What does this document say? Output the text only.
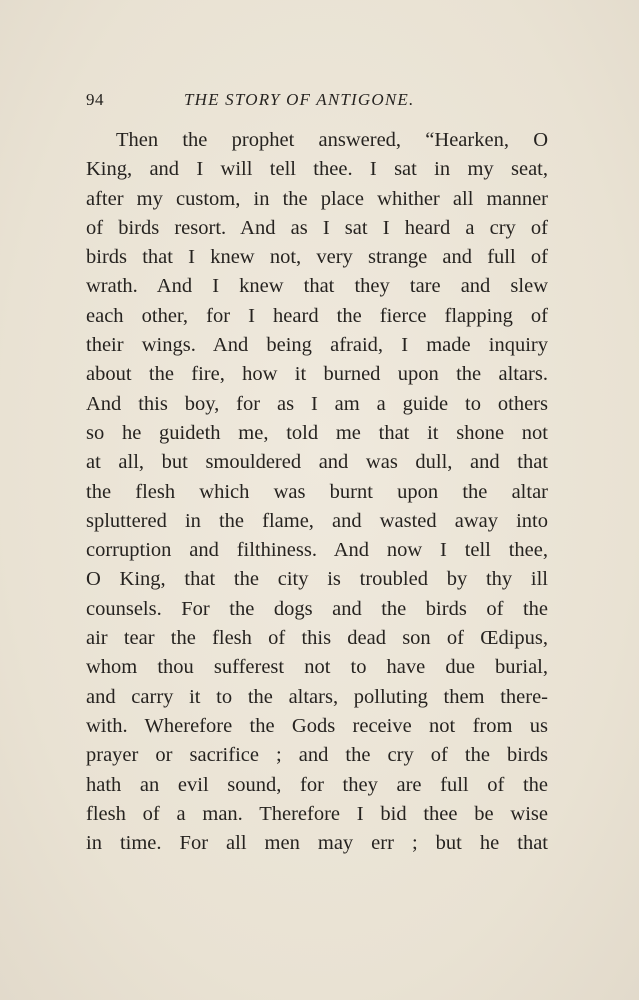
94	THE STORY OF ANTIGONE.
Then the prophet answered, “Hearken, O
King, and I will tell thee. I sat in my seat,
after my custom, in the place whither all manner
of birds resort. And as I sat I heard a cry of
birds that I knew not, very strange and full of
wrath. And I knew that they tare and slew
each other, for I heard the fierce flapping of
their wings. And being afraid, I made inquiry
about the fire, how it burned upon the altars.
And this boy, for as I am a guide to others
so he guideth me, told me that it shone not
at all, but smouldered and was dull, and that
the flesh which was burnt upon the altar
spluttered in the flame, and wasted away into
corruption and filthiness. And now I tell thee,
O King, that the city is troubled by thy ill
counsels. For the dogs and the birds of the
air tear the flesh of this dead son of Œdipus,
whom thou sufferest not to have due burial,
and carry it to the altars, polluting them there-
with. Wherefore the Gods receive not from us
prayer or sacrifice ; and the cry of the birds
hath an evil sound, for they are full of the
flesh of a man. Therefore I bid thee be wise
in time. For all men may err ; but he that
